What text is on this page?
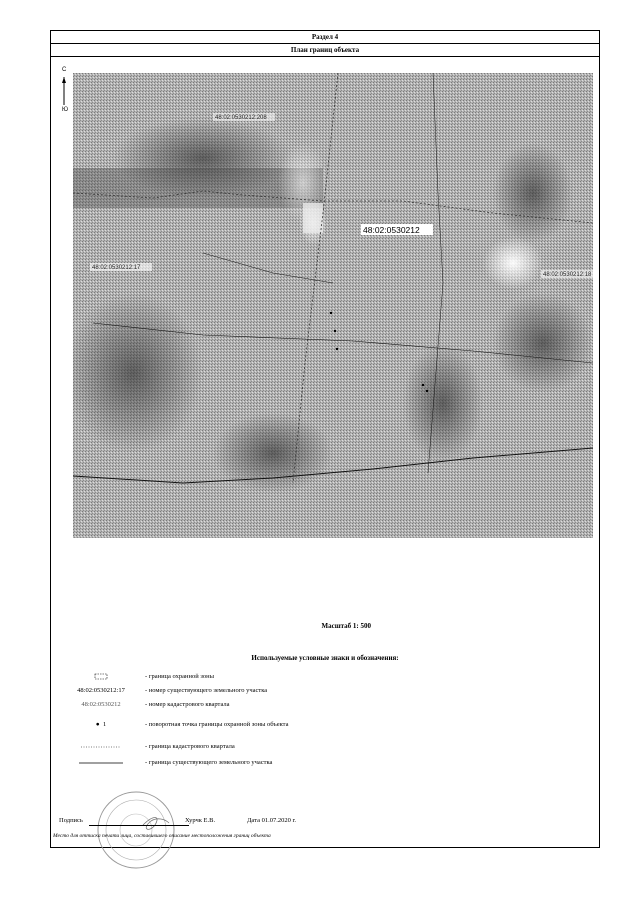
Раздел 4
План границ объекта
С
Ю
48:02:0530212:208
48:02:0530212
48:02:0530212:17
48:02:0530212:18
Масштаб 1: 500
Используемые условные знаки и обозначения:
- граница охранной зоны
48:02:0530212:17	- номер существующего земельного участка
48:02:0530212	- номер кадастрового квартала
● 1	- поворотная точка границы охранной зоны объекта
- граница кадастрового квартала
- граница существующего земельного участка
Подпись	Хурчк Е.В.	Дата 01.07.2020 г.
Место для оттиска печати лица, составившего описание местоположения границ объекта
